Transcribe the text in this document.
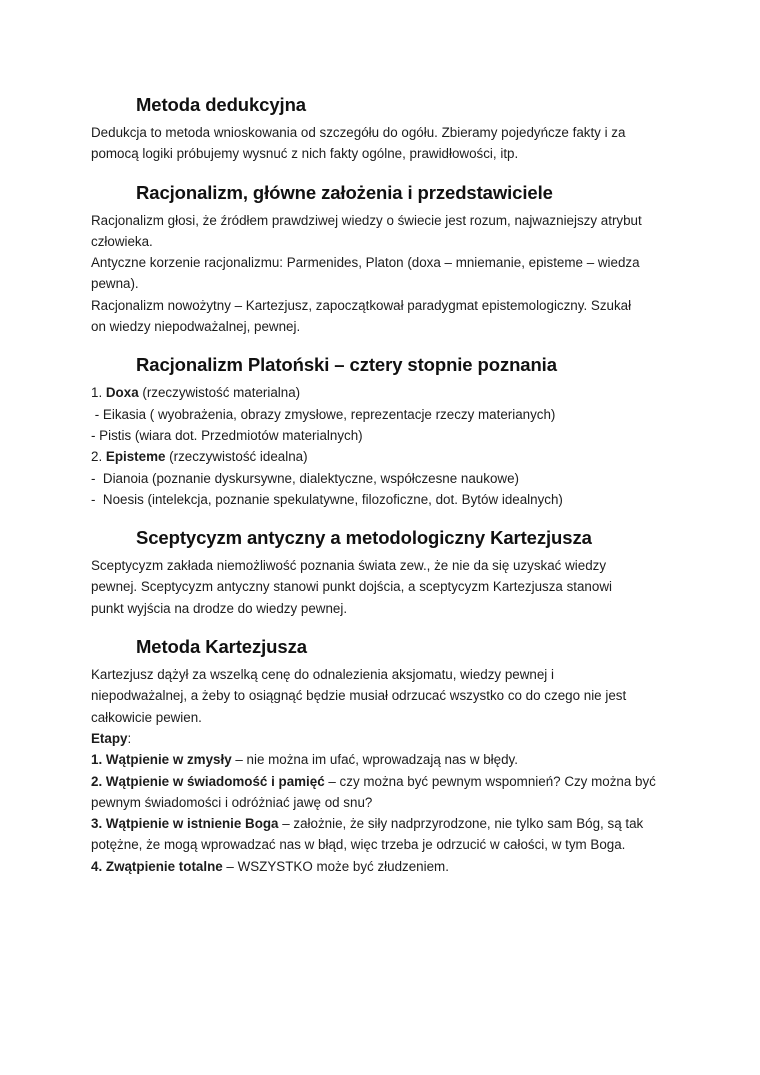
Metoda dedukcyjna

Dedukcja to metoda wnioskowania od szczegółu do ogółu. Zbieramy pojedyńcze fakty i za

pomocą logiki próbujemy wysnuć z nich fakty ogólne, prawidłowości, itp.

Racjonalizm, główne założenia i przedstawiciele

Racjonalizm głosi, że źródłem prawdziwej wiedzy o świecie jest rozum, najwazniejszy atrybut

człowieka.

Antyczne korzenie racjonalizmu: Parmenides, Platon (doxa – mniemanie, episteme – wiedza

pewna).

Racjonalizm nowożytny – Kartezjusz, zapoczątkował paradygmat epistemologiczny. Szukał

on wiedzy niepodważalnej, pewnej.

Racjonalizm Platoński – cztery stopnie poznania

1. Doxa (rzeczywistość materialna)

- Eikasia ( wyobrażenia, obrazy zmysłowe, reprezentacje rzeczy materianych)

- Pistis (wiara dot. Przedmiotów materialnych)

2. Episteme (rzeczywistość idealna)

-  Dianoia (poznanie dyskursywne, dialektyczne, współczesne naukowe)

-  Noesis (intelekcja, poznanie spekulatywne, filozoficzne, dot. Bytów idealnych)

Sceptycyzm antyczny a metodologiczny Kartezjusza

Sceptycyzm zakłada niemożliwość poznania świata zew., że nie da się uzyskać wiedzy

pewnej. Sceptycyzm antyczny stanowi punkt dojścia, a sceptycyzm Kartezjusza stanowi

punkt wyjścia na drodze do wiedzy pewnej.

Metoda Kartezjusza

Kartezjusz dążył za wszelką cenę do odnalezienia aksjomatu, wiedzy pewnej i

niepodważalnej, a żeby to osiągnąć będzie musiał odrzucać wszystko co do czego nie jest

całkowicie pewien.

Etapy:

1. Wątpienie w zmysły – nie można im ufać, wprowadzają nas w błędy.

2. Wątpienie w świadomość i pamięć – czy można być pewnym wspomnień? Czy można być

pewnym świadomości i odróżniać jawę od snu?

3. Wątpienie w istnienie Boga – założnie, że siły nadprzyrodzone, nie tylko sam Bóg, są tak

potężne, że mogą wprowadzać nas w błąd, więc trzeba je odrzucić w całości, w tym Boga.

4. Zwątpienie totalne – WSZYSTKO może być złudzeniem.
